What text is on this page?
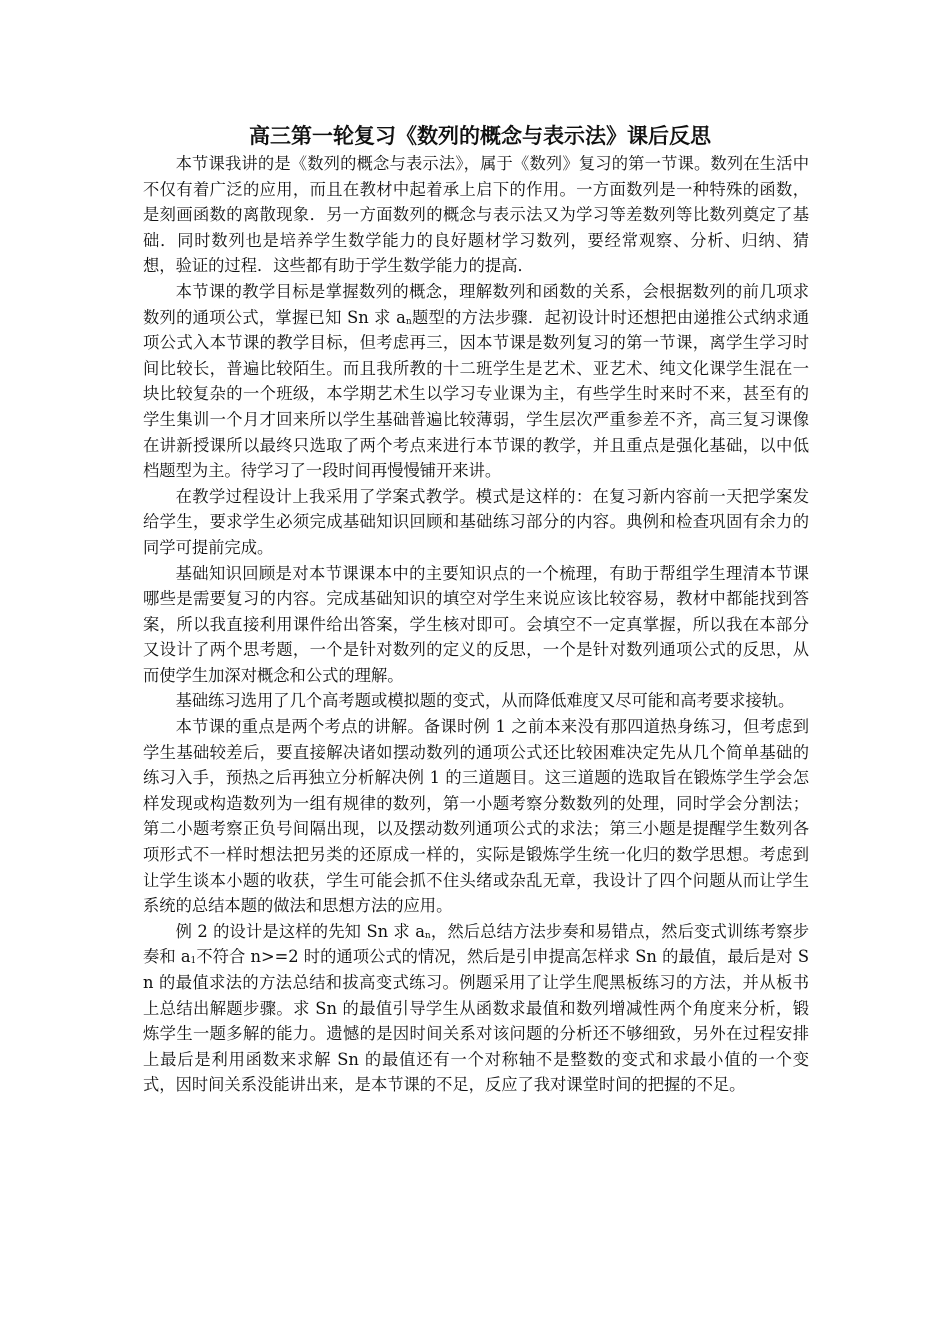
高三第一轮复习《数列的概念与表示法》课后反思

本节课我讲的是《数列的概念与表示法》，属于《数列》复习的第一节课。数列在生活中不仅有着广泛的应用，而且在教材中起着承上启下的作用。一方面数列是一种特殊的函数，是刻画函数的离散现象．另一方面数列的概念与表示法又为学习等差数列等比数列奠定了基础．同时数列也是培养学生数学能力的良好题材学习数列，要经常观察、分析、归纳、猜想，验证的过程．这些都有助于学生数学能力的提高．

本节课的教学目标是掌握数列的概念，理解数列和函数的关系，会根据数列的前几项求数列的通项公式，掌握已知 Sn 求 $a_n$题型的方法步骤．起初设计时还想把由递推公式纳求通项公式入本节课的教学目标，但考虑再三，因本节课是数列复习的第一节课，离学生学习时间比较长，普遍比较陌生。而且我所教的十二班学生是艺术、亚艺术、纯文化课学生混在一块比较复杂的一个班级，本学期艺术生以学习专业课为主，有些学生时来时不来，甚至有的学生集训一个月才回来所以学生基础普遍比较薄弱，学生层次严重参差不齐，高三复习课像在讲新授课所以最终只选取了两个考点来进行本节课的教学，并且重点是强化基础，以中低档题型为主。待学习了一段时间再慢慢铺开来讲。

在教学过程设计上我采用了学案式教学。模式是这样的：在复习新内容前一天把学案发给学生，要求学生必须完成基础知识回顾和基础练习部分的内容。典例和检查巩固有余力的同学可提前完成。

基础知识回顾是对本节课课本中的主要知识点的一个梳理，有助于帮组学生理清本节课哪些是需要复习的内容。完成基础知识的填空对学生来说应该比较容易，教材中都能找到答案，所以我直接利用课件给出答案，学生核对即可。会填空不一定真掌握，所以我在本部分又设计了两个思考题，一个是针对数列的定义的反思，一个是针对数列通项公式的反思，从而使学生加深对概念和公式的理解。

基础练习选用了几个高考题或模拟题的变式，从而降低难度又尽可能和高考要求接轨。

本节课的重点是两个考点的讲解。备课时例 1 之前本来没有那四道热身练习，但考虑到学生基础较差后，要直接解决诸如摆动数列的通项公式还比较困难决定先从几个简单基础的练习入手，预热之后再独立分析解决例 1 的三道题目。这三道题的选取旨在锻炼学生学会怎样发现或构造数列为一组有规律的数列，第一小题考察分数数列的处理，同时学会分割法；第二小题考察正负号间隔出现，以及摆动数列通项公式的求法；第三小题是提醒学生数列各项形式不一样时想法把另类的还原成一样的，实际是锻炼学生统一化归的数学思想。考虑到让学生谈本小题的收获，学生可能会抓不住头绪或杂乱无章，我设计了四个问题从而让学生系统的总结本题的做法和思想方法的应用。

例 2 的设计是这样的先知 Sn 求 $a_n$，然后总结方法步奏和易错点，然后变式训练考察步奏和 $a_1$不符合 n>=2 时的通项公式的情况，然后是引申提高怎样求 Sn 的最值，最后是对 Sn 的最值求法的方法总结和拔高变式练习。例题采用了让学生爬黑板练习的方法，并从板书上总结出解题步骤。求 Sn 的最值引导学生从函数求最值和数列增减性两个角度来分析，锻炼学生一题多解的能力。遗憾的是因时间关系对该问题的分析还不够细致，另外在过程安排上最后是利用函数来求解 Sn 的最值还有一个对称轴不是整数的变式和求最小值的一个变式，因时间关系没能讲出来，是本节课的不足，反应了我对课堂时间的把握的不足。
